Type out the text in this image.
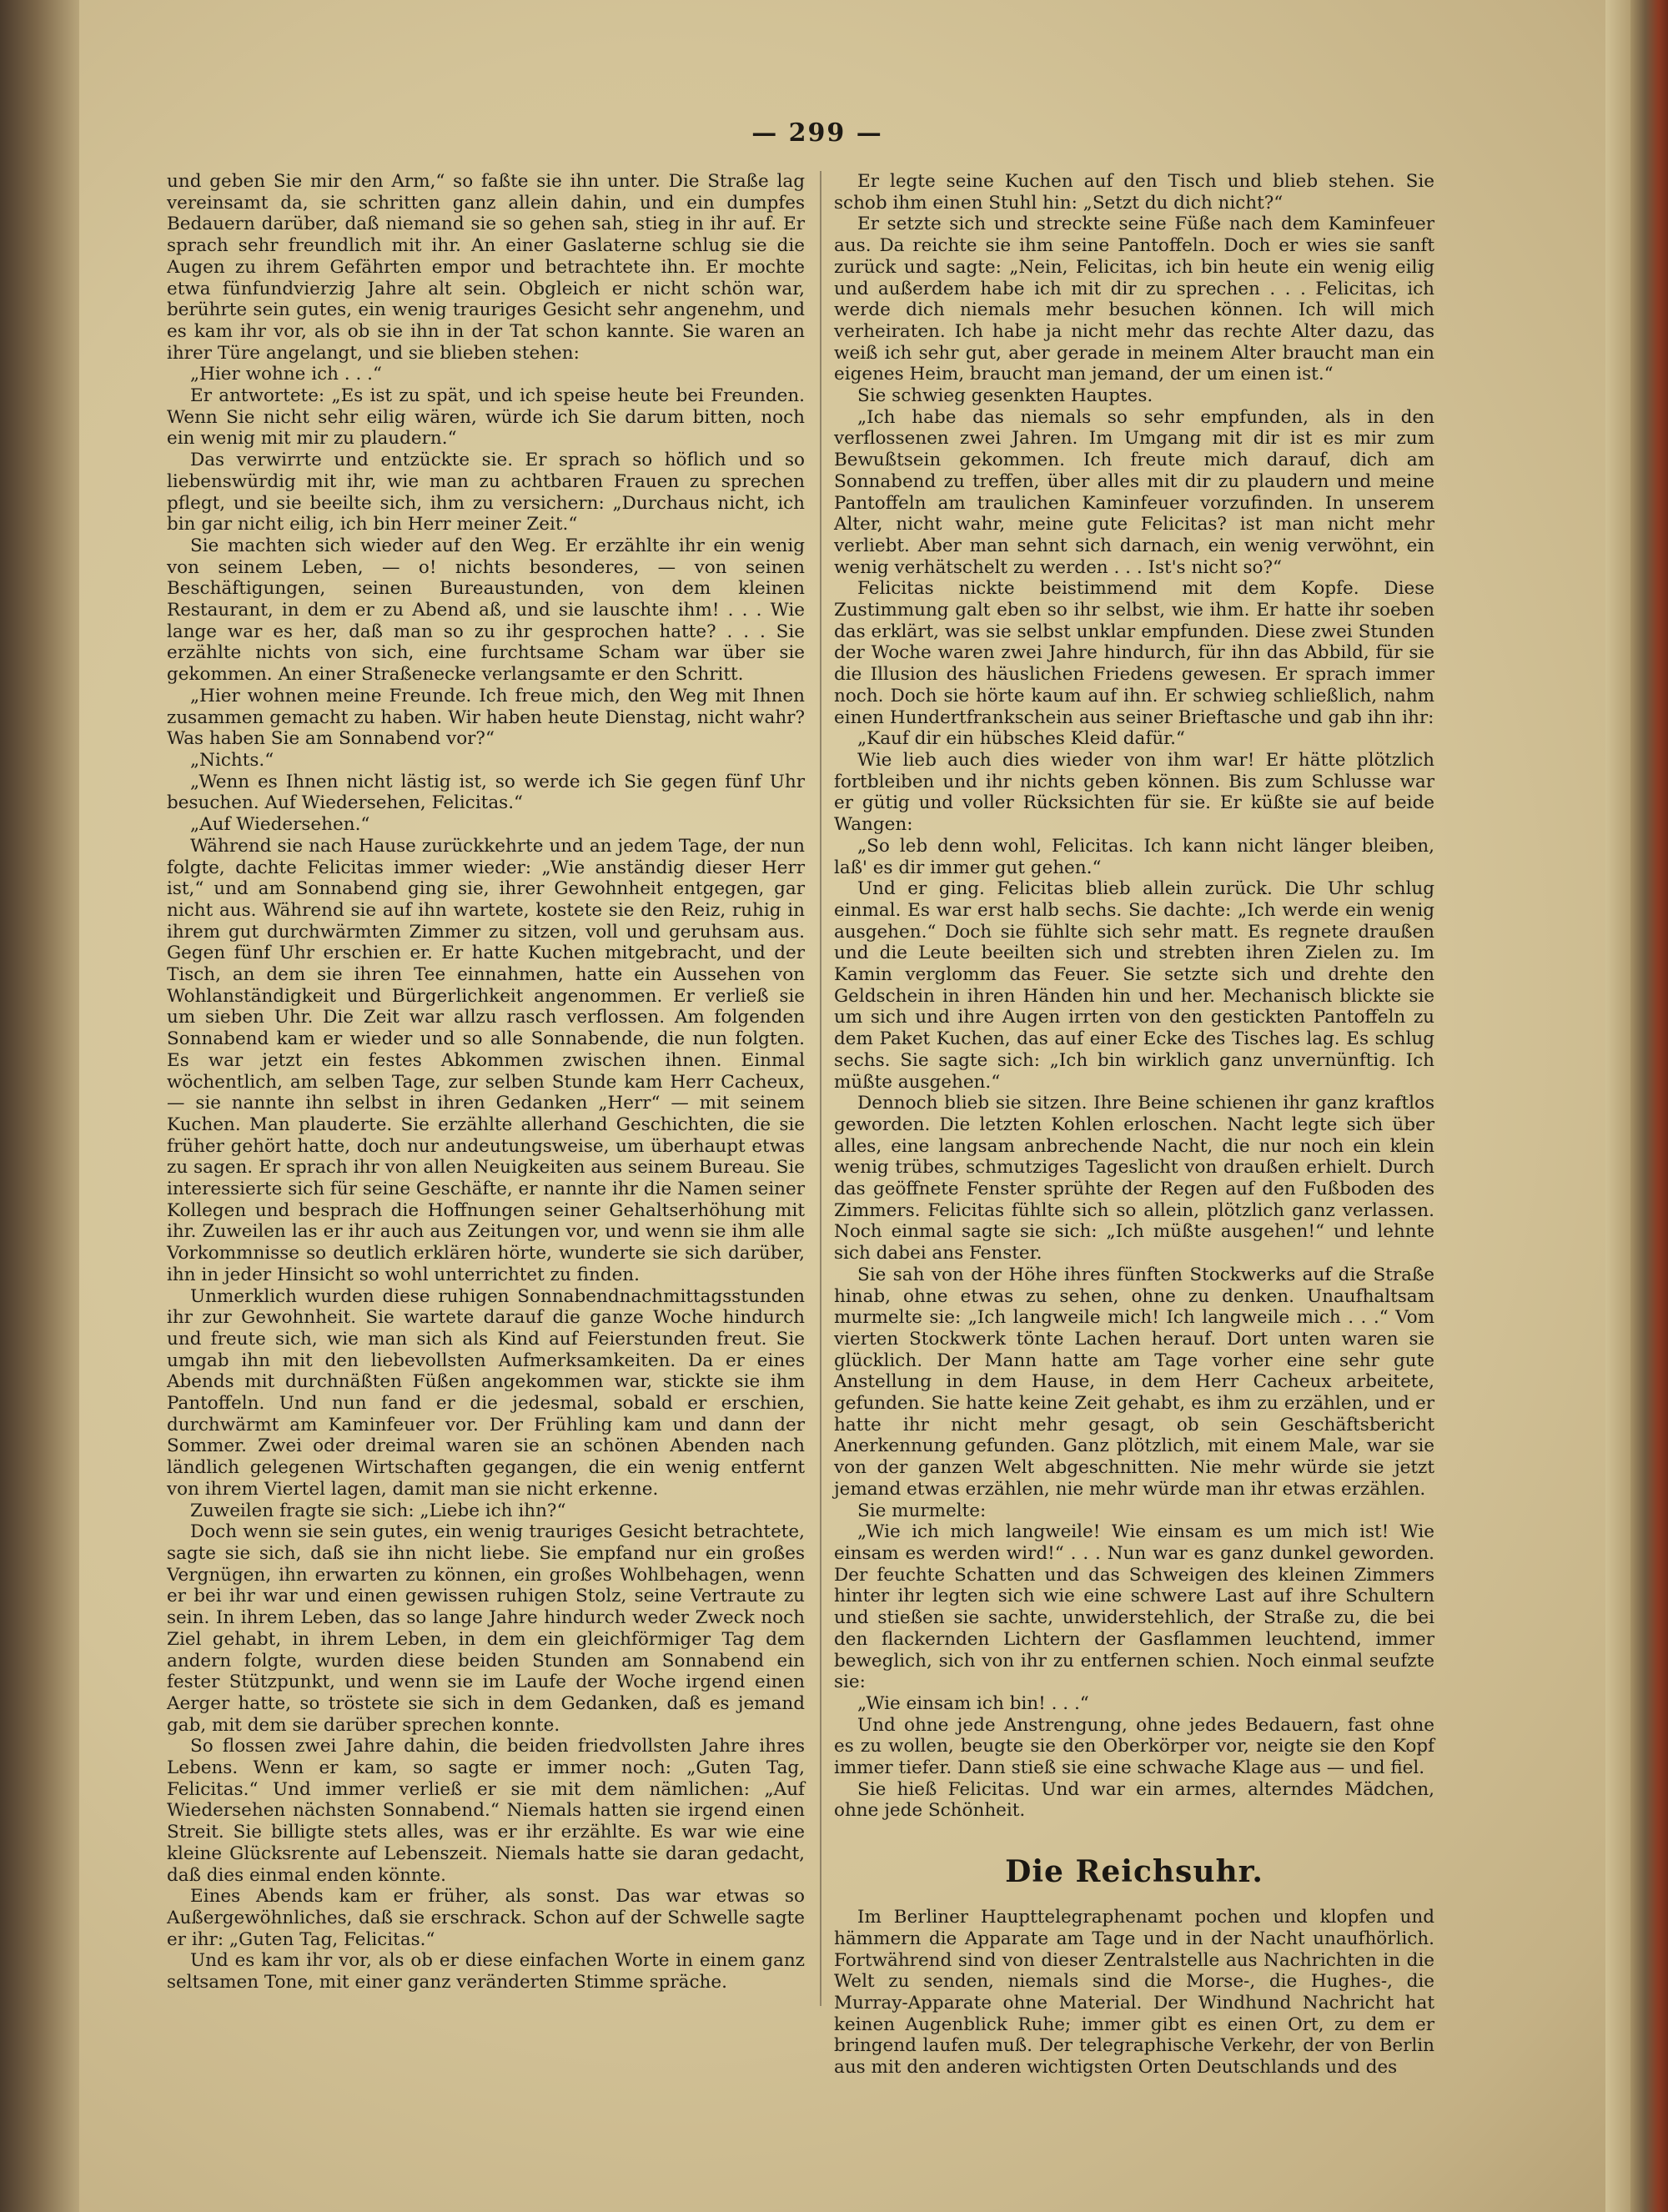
— 299 —

und geben Sie mir den Arm,“ so faßte sie ihn unter. Die Straße lag vereinsamt da, sie schritten ganz allein dahin, und ein dumpfes Bedauern darüber, daß niemand sie so gehen sah, stieg in ihr auf. Er sprach sehr freundlich mit ihr. An einer Gaslaterne schlug sie die Augen zu ihrem Gefährten empor und betrachtete ihn. Er mochte etwa fünfundvierzig Jahre alt sein. Obgleich er nicht schön war, berührte sein gutes, ein wenig trauriges Gesicht sehr angenehm, und es kam ihr vor, als ob sie ihn in der Tat schon kannte. Sie waren an ihrer Türe angelangt, und sie blieben stehen:

„Hier wohne ich . . .“

Er antwortete: „Es ist zu spät, und ich speise heute bei Freunden. Wenn Sie nicht sehr eilig wären, würde ich Sie darum bitten, noch ein wenig mit mir zu plaudern.“

Das verwirrte und entzückte sie. Er sprach so höflich und so liebenswürdig mit ihr, wie man zu achtbaren Frauen zu sprechen pflegt, und sie beeilte sich, ihm zu versichern: „Durchaus nicht, ich bin gar nicht eilig, ich bin Herr meiner Zeit.“

Sie machten sich wieder auf den Weg. Er erzählte ihr ein wenig von seinem Leben, — o! nichts besonderes, — von seinen Beschäftigungen, seinen Bureaustunden, von dem kleinen Restaurant, in dem er zu Abend aß, und sie lauschte ihm! . . . Wie lange war es her, daß man so zu ihr gesprochen hatte? . . . Sie erzählte nichts von sich, eine furchtsame Scham war über sie gekommen. An einer Straßenecke verlangsamte er den Schritt.

„Hier wohnen meine Freunde. Ich freue mich, den Weg mit Ihnen zusammen gemacht zu haben. Wir haben heute Dienstag, nicht wahr? Was haben Sie am Sonnabend vor?“

„Nichts.“

„Wenn es Ihnen nicht lästig ist, so werde ich Sie gegen fünf Uhr besuchen. Auf Wiedersehen, Felicitas.“

„Auf Wiedersehen.“

Während sie nach Hause zurückkehrte und an jedem Tage, der nun folgte, dachte Felicitas immer wieder: „Wie anständig dieser Herr ist,“ und am Sonnabend ging sie, ihrer Gewohnheit entgegen, gar nicht aus. Während sie auf ihn wartete, kostete sie den Reiz, ruhig in ihrem gut durchwärmten Zimmer zu sitzen, voll und geruhsam aus. Gegen fünf Uhr erschien er. Er hatte Kuchen mitgebracht, und der Tisch, an dem sie ihren Tee einnahmen, hatte ein Aussehen von Wohlanständigkeit und Bürgerlichkeit angenommen. Er verließ sie um sieben Uhr. Die Zeit war allzu rasch verflossen. Am folgenden Sonnabend kam er wieder und so alle Sonnabende, die nun folgten. Es war jetzt ein festes Abkommen zwischen ihnen. Einmal wöchentlich, am selben Tage, zur selben Stunde kam Herr Cacheux, — sie nannte ihn selbst in ihren Gedanken „Herr“ — mit seinem Kuchen. Man plauderte. Sie erzählte allerhand Geschichten, die sie früher gehört hatte, doch nur andeutungsweise, um überhaupt etwas zu sagen. Er sprach ihr von allen Neuigkeiten aus seinem Bureau. Sie interessierte sich für seine Geschäfte, er nannte ihr die Namen seiner Kollegen und besprach die Hoffnungen seiner Gehaltserhöhung mit ihr. Zuweilen las er ihr auch aus Zeitungen vor, und wenn sie ihm alle Vorkommnisse so deutlich erklären hörte, wunderte sie sich darüber, ihn in jeder Hinsicht so wohl unterrichtet zu finden.

Unmerklich wurden diese ruhigen Sonnabendnachmittagsstunden ihr zur Gewohnheit. Sie wartete darauf die ganze Woche hindurch und freute sich, wie man sich als Kind auf Feierstunden freut. Sie umgab ihn mit den liebevollsten Aufmerksamkeiten. Da er eines Abends mit durchnäßten Füßen angekommen war, stickte sie ihm Pantoffeln. Und nun fand er die jedesmal, sobald er erschien, durchwärmt am Kaminfeuer vor. Der Frühling kam und dann der Sommer. Zwei oder dreimal waren sie an schönen Abenden nach ländlich gelegenen Wirtschaften gegangen, die ein wenig entfernt von ihrem Viertel lagen, damit man sie nicht erkenne.

Zuweilen fragte sie sich: „Liebe ich ihn?“

Doch wenn sie sein gutes, ein wenig trauriges Gesicht betrachtete, sagte sie sich, daß sie ihn nicht liebe. Sie empfand nur ein großes Vergnügen, ihn erwarten zu können, ein großes Wohlbehagen, wenn er bei ihr war und einen gewissen ruhigen Stolz, seine Vertraute zu sein. In ihrem Leben, das so lange Jahre hindurch weder Zweck noch Ziel gehabt, in ihrem Leben, in dem ein gleichförmiger Tag dem andern folgte, wurden diese beiden Stunden am Sonnabend ein fester Stützpunkt, und wenn sie im Laufe der Woche irgend einen Aerger hatte, so tröstete sie sich in dem Gedanken, daß es jemand gab, mit dem sie darüber sprechen konnte.

So flossen zwei Jahre dahin, die beiden friedvollsten Jahre ihres Lebens. Wenn er kam, so sagte er immer noch: „Guten Tag, Felicitas.“ Und immer verließ er sie mit dem nämlichen: „Auf Wiedersehen nächsten Sonnabend.“ Niemals hatten sie irgend einen Streit. Sie billigte stets alles, was er ihr erzählte. Es war wie eine kleine Glücksrente auf Lebenszeit. Niemals hatte sie daran gedacht, daß dies einmal enden könnte.

Eines Abends kam er früher, als sonst. Das war etwas so Außergewöhnliches, daß sie erschrack. Schon auf der Schwelle sagte er ihr: „Guten Tag, Felicitas.“

Und es kam ihr vor, als ob er diese einfachen Worte in einem ganz seltsamen Tone, mit einer ganz veränderten Stimme spräche.

Er legte seine Kuchen auf den Tisch und blieb stehen. Sie schob ihm einen Stuhl hin: „Setzt du dich nicht?“

Er setzte sich und streckte seine Füße nach dem Kaminfeuer aus. Da reichte sie ihm seine Pantoffeln. Doch er wies sie sanft zurück und sagte: „Nein, Felicitas, ich bin heute ein wenig eilig und außerdem habe ich mit dir zu sprechen . . . Felicitas, ich werde dich niemals mehr besuchen können. Ich will mich verheiraten. Ich habe ja nicht mehr das rechte Alter dazu, das weiß ich sehr gut, aber gerade in meinem Alter braucht man ein eigenes Heim, braucht man jemand, der um einen ist.“

Sie schwieg gesenkten Hauptes.

„Ich habe das niemals so sehr empfunden, als in den verflossenen zwei Jahren. Im Umgang mit dir ist es mir zum Bewußtsein gekommen. Ich freute mich darauf, dich am Sonnabend zu treffen, über alles mit dir zu plaudern und meine Pantoffeln am traulichen Kaminfeuer vorzufinden. In unserem Alter, nicht wahr, meine gute Felicitas? ist man nicht mehr verliebt. Aber man sehnt sich darnach, ein wenig verwöhnt, ein wenig verhätschelt zu werden . . . Ist's nicht so?“

Felicitas nickte beistimmend mit dem Kopfe. Diese Zustimmung galt eben so ihr selbst, wie ihm. Er hatte ihr soeben das erklärt, was sie selbst unklar empfunden. Diese zwei Stunden der Woche waren zwei Jahre hindurch, für ihn das Abbild, für sie die Illusion des häuslichen Friedens gewesen. Er sprach immer noch. Doch sie hörte kaum auf ihn. Er schwieg schließlich, nahm einen Hundertfrankschein aus seiner Brieftasche und gab ihn ihr:

„Kauf dir ein hübsches Kleid dafür.“

Wie lieb auch dies wieder von ihm war! Er hätte plötzlich fortbleiben und ihr nichts geben können. Bis zum Schlusse war er gütig und voller Rücksichten für sie. Er küßte sie auf beide Wangen:

„So leb denn wohl, Felicitas. Ich kann nicht länger bleiben, laß' es dir immer gut gehen.“

Und er ging. Felicitas blieb allein zurück. Die Uhr schlug einmal. Es war erst halb sechs. Sie dachte: „Ich werde ein wenig ausgehen.“ Doch sie fühlte sich sehr matt. Es regnete draußen und die Leute beeilten sich und strebten ihren Zielen zu. Im Kamin verglomm das Feuer. Sie setzte sich und drehte den Geldschein in ihren Händen hin und her. Mechanisch blickte sie um sich und ihre Augen irrten von den gestickten Pantoffeln zu dem Paket Kuchen, das auf einer Ecke des Tisches lag. Es schlug sechs. Sie sagte sich: „Ich bin wirklich ganz unvernünftig. Ich müßte ausgehen.“

Dennoch blieb sie sitzen. Ihre Beine schienen ihr ganz kraftlos geworden. Die letzten Kohlen erloschen. Nacht legte sich über alles, eine langsam anbrechende Nacht, die nur noch ein klein wenig trübes, schmutziges Tageslicht von draußen erhielt. Durch das geöffnete Fenster sprühte der Regen auf den Fußboden des Zimmers. Felicitas fühlte sich so allein, plötzlich ganz verlassen. Noch einmal sagte sie sich: „Ich müßte ausgehen!“ und lehnte sich dabei ans Fenster.

Sie sah von der Höhe ihres fünften Stockwerks auf die Straße hinab, ohne etwas zu sehen, ohne zu denken. Unaufhaltsam murmelte sie: „Ich langweile mich! Ich langweile mich . . .“ Vom vierten Stockwerk tönte Lachen herauf. Dort unten waren sie glücklich. Der Mann hatte am Tage vorher eine sehr gute Anstellung in dem Hause, in dem Herr Cacheux arbeitete, gefunden. Sie hatte keine Zeit gehabt, es ihm zu erzählen, und er hatte ihr nicht mehr gesagt, ob sein Geschäftsbericht Anerkennung gefunden. Ganz plötzlich, mit einem Male, war sie von der ganzen Welt abgeschnitten. Nie mehr würde sie jetzt jemand etwas erzählen, nie mehr würde man ihr etwas erzählen.

Sie murmelte:

„Wie ich mich langweile! Wie einsam es um mich ist! Wie einsam es werden wird!“ . . . Nun war es ganz dunkel geworden. Der feuchte Schatten und das Schweigen des kleinen Zimmers hinter ihr legten sich wie eine schwere Last auf ihre Schultern und stießen sie sachte, unwiderstehlich, der Straße zu, die bei den flackernden Lichtern der Gasflammen leuchtend, immer beweglich, sich von ihr zu entfernen schien. Noch einmal seufzte sie:

„Wie einsam ich bin! . . .“

Und ohne jede Anstrengung, ohne jedes Bedauern, fast ohne es zu wollen, beugte sie den Oberkörper vor, neigte sie den Kopf immer tiefer. Dann stieß sie eine schwache Klage aus — und fiel.

Sie hieß Felicitas. Und war ein armes, alterndes Mädchen, ohne jede Schönheit.

Die Reichsuhr.

Im Berliner Haupttelegraphenamt pochen und klopfen und hämmern die Apparate am Tage und in der Nacht unaufhörlich. Fortwährend sind von dieser Zentralstelle aus Nachrichten in die Welt zu senden, niemals sind die Morse-, die Hughes-, die Murray-Apparate ohne Material. Der Windhund Nachricht hat keinen Augenblick Ruhe; immer gibt es einen Ort, zu dem er bringend laufen muß. Der telegraphische Verkehr, der von Berlin aus mit den anderen wichtigsten Orten Deutschlands und des
